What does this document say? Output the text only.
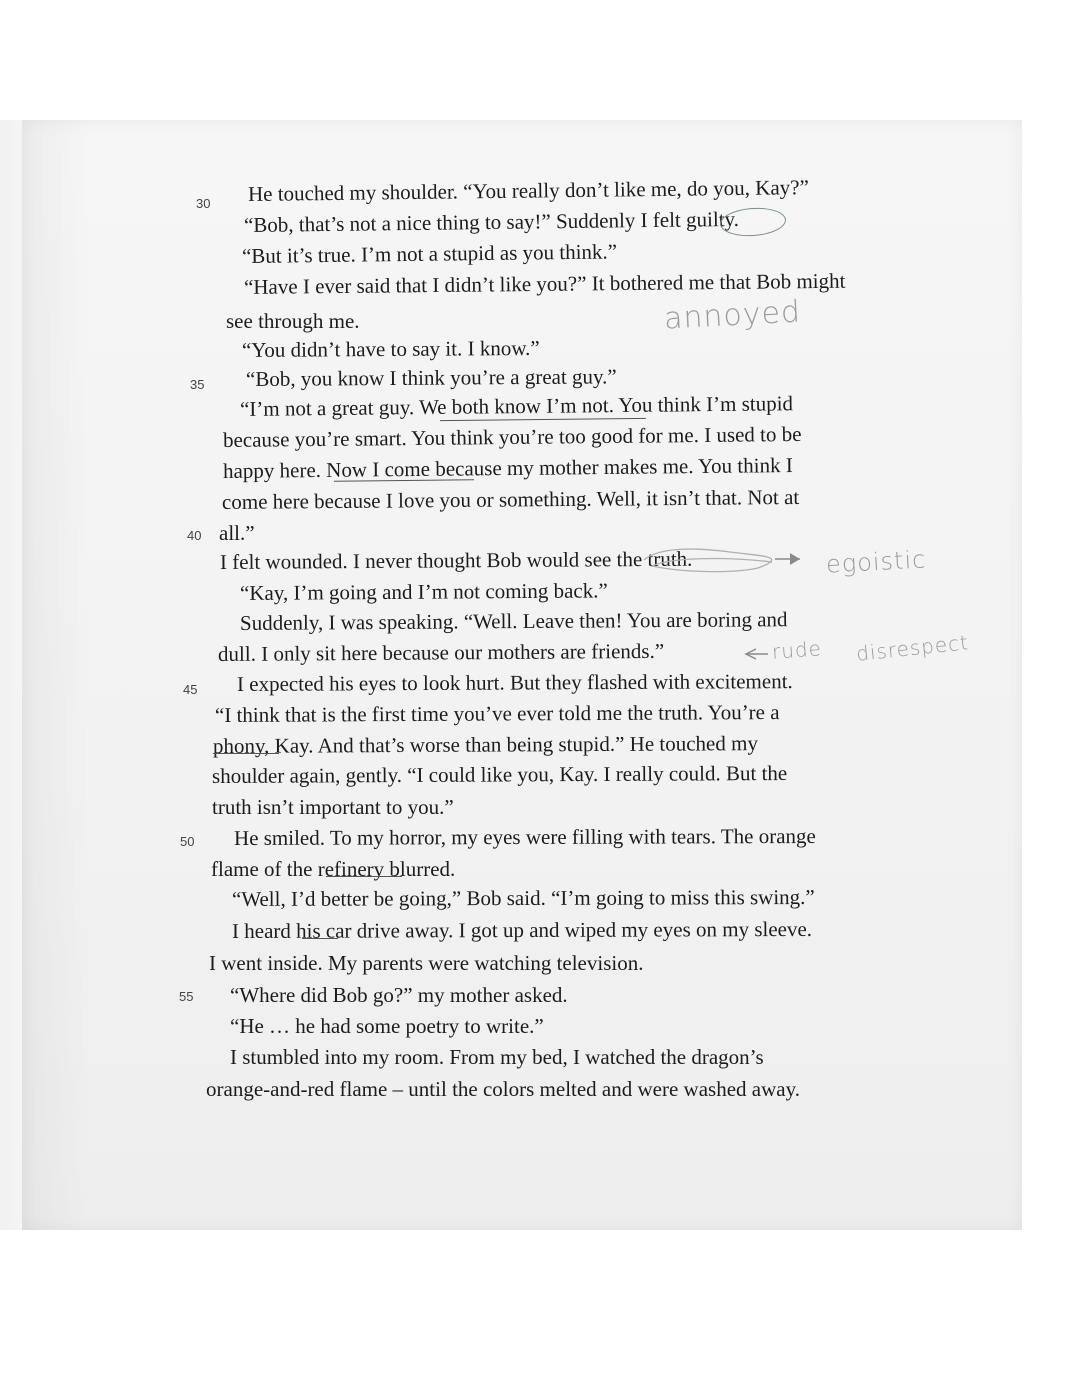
30
35
40
45
50
55
He touched my shoulder. “You really don’t like me, do you, Kay?”
“Bob, that’s not a nice thing to say!” Suddenly I felt guilty.
“But it’s true. I’m not a stupid as you think.”
“Have I ever said that I didn’t like you?” It bothered me that Bob might
see through me.
“You didn’t have to say it. I know.”
“Bob, you know I think you’re a great guy.”
“I’m not a great guy. We both know I’m not. You think I’m stupid
because you’re smart. You think you’re too good for me. I used to be
happy here. Now I come because my mother makes me. You think I
come here because I love you or something. Well, it isn’t that. Not at
all.”
I felt wounded. I never thought Bob would see the truth.
“Kay, I’m going and I’m not coming back.”
Suddenly, I was speaking. “Well. Leave then! You are boring and
dull. I only sit here because our mothers are friends.”
I expected his eyes to look hurt. But they flashed with excitement.
“I think that is the first time you’ve ever told me the truth. You’re a
phony, Kay. And that’s worse than being stupid.” He touched my
shoulder again, gently. “I could like you, Kay. I really could. But the
truth isn’t important to you.”
He smiled. To my horror, my eyes were filling with tears. The orange
flame of the refinery blurred.
“Well, I’d better be going,” Bob said. “I’m going to miss this swing.”
I heard his car drive away. I got up and wiped my eyes on my sleeve.
I went inside. My parents were watching television.
“Where did Bob go?” my mother asked.
“He … he had some poetry to write.”
I stumbled into my room. From my bed, I watched the dragon’s
orange-and-red flame – until the colors melted and were washed away.
annoyed
egoistic
rude disrespect
